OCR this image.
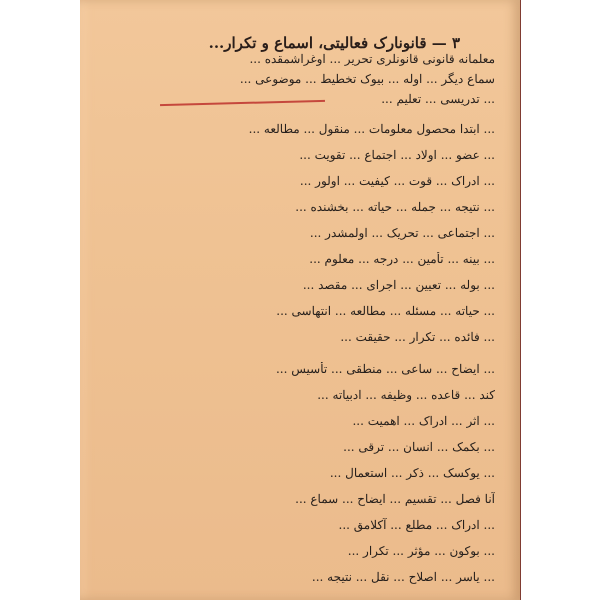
٣ — قانونارک فعالیتی، اسماع و تکرار...
معلمانه قانونی قانونلری تحریر ... اوغراشمقده ...
سماع دیگر ... اوله ... بیوک تخطیط ... موضوعی ...
... تدریسی ... تعلیم ...
... ابتدا محصول معلومات ... منقول ... مطالعه ...
... عضو ... اولاد ... اجتماع ... تقویت ...
... ادراک ... قوت ... کیفیت ... اولور ...
... نتیجه ... جمله ... حیاته ... بخشنده ...
... اجتماعی ... تحریک ... اولمشدر ...
... بینه ... تأمین ... درجه ... معلوم ...
... بوله ... تعیین ... اجرای ... مقصد ...
... حیاته ... مسئله ... مطالعه ... انتهاسی ...
... فائده ... تکرار ... حقیقت ...
... ایضاح ... ساعی ... منطقی ... تأسیس ...
کند ... قاعده ... وظیفه ... ادبیاته ...
... اثر ... ادراک ... اهمیت ...
... بکمک ... انسان ... ترقی ...
... یوکسک ... ذکر ... استعمال ...
آنا فصل ... تقسیم ... ایضاح ... سماع ...
... ادراک ... مطلع ... آکلامق ...
... بوکون ... مؤثر ... تکرار ...
... یاسر ... اصلاح ... نقل ... نتیجه ...
